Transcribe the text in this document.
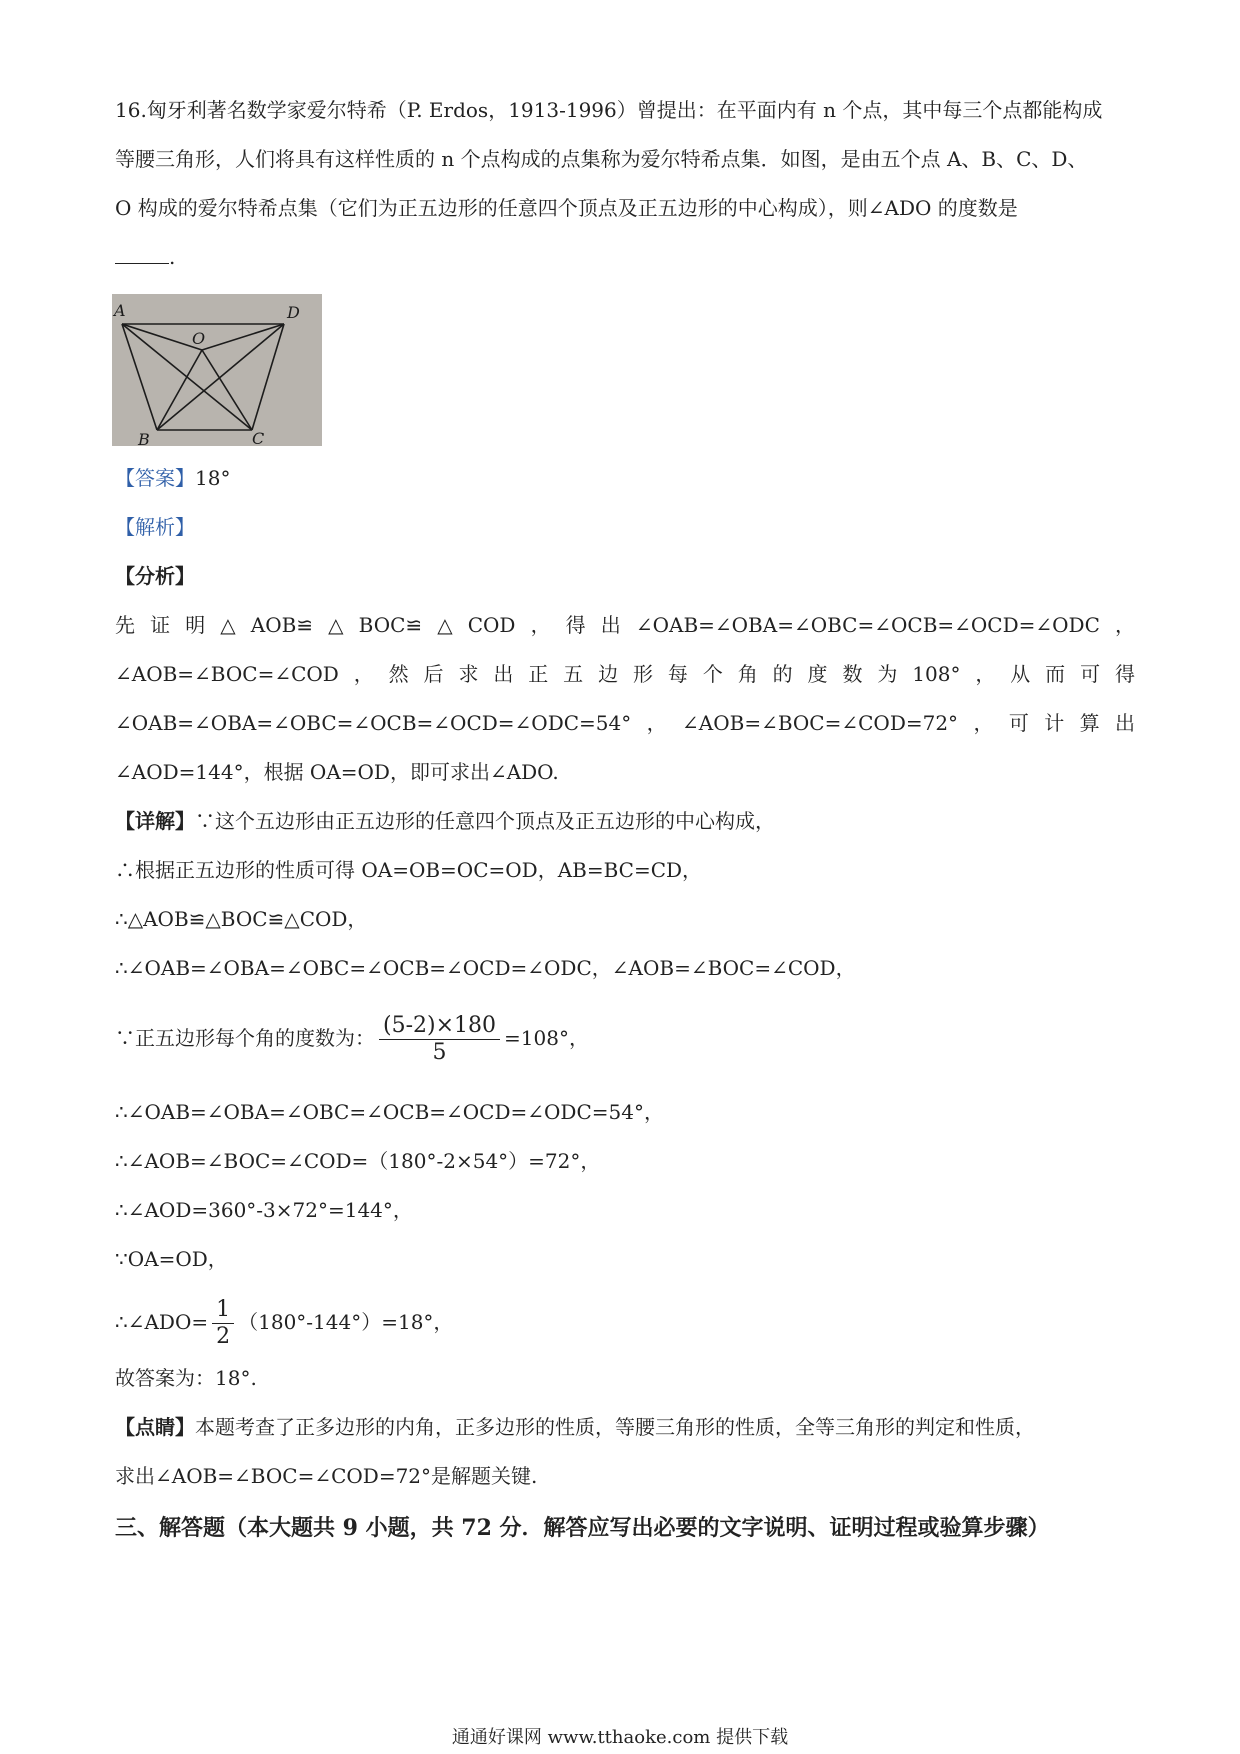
16.匈牙利著名数学家爱尔特希（P. Erdos，1913-1996）曾提出：在平面内有 n 个点，其中每三个点都能构成
等腰三角形，人们将具有这样性质的 n 个点构成的点集称为爱尔特希点集．如图，是由五个点 A、B、C、D、
O 构成的爱尔特希点集（它们为正五边形的任意四个顶点及正五边形的中心构成），则∠ADO 的度数是
.
A	D
O
B	C
【答案】18°
【解析】
【分析】
先证明△AOB≌△BOC≌△COD，得出∠OAB=∠OBA=∠OBC=∠OCB=∠OCD=∠ODC，
∠AOB=∠BOC=∠COD，然后求出正五边形每个角的度数为108°，从而可得
∠OAB=∠OBA=∠OBC=∠OCB=∠OCD=∠ODC=54°，∠AOB=∠BOC=∠COD=72°，可计算出
∠AOD=144°，根据 OA=OD，即可求出∠ADO.
【详解】∵这个五边形由正五边形的任意四个顶点及正五边形的中心构成，
∴根据正五边形的性质可得 OA=OB=OC=OD，AB=BC=CD，
∴△AOB≌△BOC≌△COD，
∴∠OAB=∠OBA=∠OBC=∠OCB=∠OCD=∠ODC，∠AOB=∠BOC=∠COD，
∵正五边形每个角的度数为： $\frac{(5-2)\times 180}{5} =108^\circ$，
∴∠OAB=∠OBA=∠OBC=∠OCB=∠OCD=∠ODC=54°，
∴∠AOB=∠BOC=∠COD=（180°-2×54°）=72°，
∴∠AOD=360°-3×72°=144°，
∵OA=OD，
∴∠ADO= $\frac{1}{2} (180^\circ-144^\circ)=18^\circ$，
故答案为：18°.
【点睛】本题考查了正多边形的内角，正多边形的性质，等腰三角形的性质，全等三角形的判定和性质，
求出∠AOB=∠BOC=∠COD=72°是解题关键.
三、解答题（本大题共 9 小题，共 72 分．解答应写出必要的文字说明、证明过程或验算步骤）
通通好课网 www.tthaoke.com 提供下载
